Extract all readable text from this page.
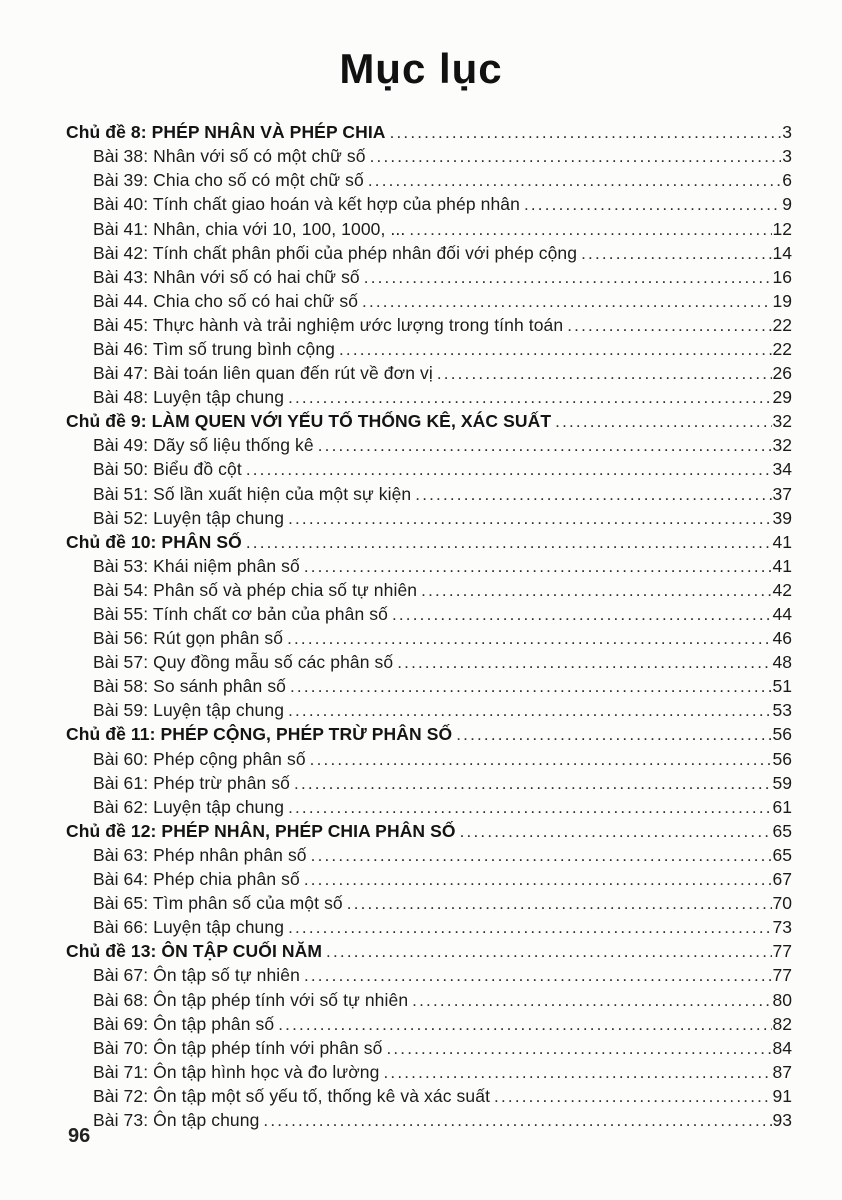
Mục lục
Chủ đề 8: PHÉP NHÂN VÀ PHÉP CHIA .....	3
Bài 38: Nhân với số có một chữ số .....	3
Bài 39: Chia cho số có một chữ số .....	6
Bài 40: Tính chất giao hoán và kết hợp của phép nhân .....	9
Bài 41: Nhân, chia với 10, 100, 1000, ... .....	12
Bài 42: Tính chất phân phối của phép nhân đối với phép cộng .....	14
Bài 43: Nhân với số có hai chữ số .....	16
Bài 44. Chia cho số có hai chữ số .....	19
Bài 45: Thực hành và trải nghiệm ước lượng trong tính toán .....	22
Bài 46: Tìm số trung bình cộng .....	22
Bài 47: Bài toán liên quan đến rút về đơn vị .....	26
Bài 48: Luyện tập chung .....	29
Chủ đề 9: LÀM QUEN VỚI YẾU TỐ THỐNG KÊ, XÁC SUẤT .....	32
Bài 49: Dãy số liệu thống kê .....	32
Bài 50: Biểu đồ cột .....	34
Bài 51: Số lần xuất hiện của một sự kiện .....	37
Bài 52: Luyện tập chung .....	39
Chủ đề 10: PHÂN SỐ .....	41
Bài 53: Khái niệm phân số .....	41
Bài 54: Phân số và phép chia số tự nhiên .....	42
Bài 55: Tính chất cơ bản của phân số .....	44
Bài 56: Rút gọn phân số .....	46
Bài 57: Quy đồng mẫu số các phân số .....	48
Bài 58: So sánh phân số .....	51
Bài 59: Luyện tập chung .....	53
Chủ đề 11: PHÉP CỘNG, PHÉP TRỪ PHÂN SỐ .....	56
Bài 60: Phép cộng phân số .....	56
Bài 61: Phép trừ phân số .....	59
Bài 62: Luyện tập chung .....	61
Chủ đề 12: PHÉP NHÂN, PHÉP CHIA PHÂN SỐ .....	65
Bài 63: Phép nhân phân số .....	65
Bài 64: Phép chia phân số .....	67
Bài 65: Tìm phân số của một số .....	70
Bài 66: Luyện tập chung .....	73
Chủ đề 13: ÔN TẬP CUỐI NĂM .....	77
Bài 67: Ôn tập số tự nhiên .....	77
Bài 68: Ôn tập phép tính với số tự nhiên .....	80
Bài 69: Ôn tập phân số .....	82
Bài 70: Ôn tập phép tính với phân số .....	84
Bài 71: Ôn tập hình học và đo lường .....	87
Bài 72: Ôn tập một số yếu tố, thống kê và xác suất .....	91
Bài 73: Ôn tập chung .....	93
96
